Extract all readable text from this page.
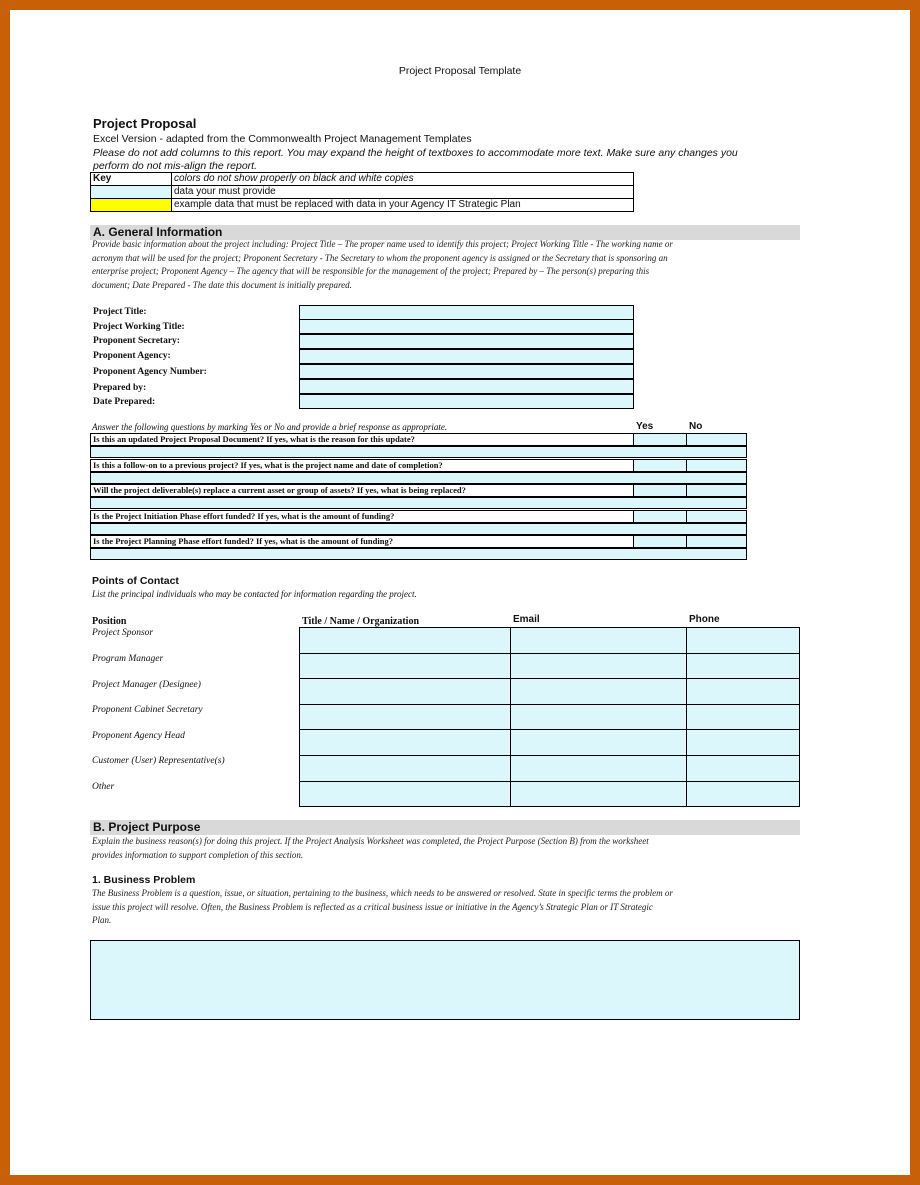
Project Proposal Template
Project Proposal
Excel Version - adapted from the Commonwealth Project Management Templates
Please do not add columns to this report. You may expand the height of textboxes to accommodate more text. Make sure any changes you
perform do not mis-align the report.
Key	colors do not show properly on black and white copies
data your must provide
example data that must be replaced with data in your Agency IT Strategic Plan
A. General Information
Provide basic information about the project including: Project Title – The proper name used to identify this project; Project Working Title - The working name or
acronym that will be used for the project; Proponent Secretary - The Secretary to whom the proponent agency is assigned or the Secretary that is sponsoring an
enterprise project; Proponent Agency – The agency that will be responsible for the management of the project; Prepared by – The person(s) preparing this
document; Date Prepared - The date this document is initially prepared.
Project Title:
Project Working Title:
Proponent Secretary:
Proponent Agency:
Proponent Agency Number:
Prepared by:
Date Prepared:
Answer the following questions by marking Yes or No and provide a brief response as appropriate.	Yes	No
Is this an updated Project Proposal Document? If yes, what is the reason for this update?
Is this a follow-on to a previous project? If yes, what is the project name and date of completion?
Will the project deliverable(s) replace a current asset or group of assets? If yes, what is being replaced?
Is the Project Initiation Phase effort funded? If yes, what is the amount of funding?
Is the Project Planning Phase effort funded? If yes, what is the amount of funding?
Points of Contact
List the principal individuals who may be contacted for information regarding the project.
Position	Title / Name / Organization	Email	Phone
Project Sponsor
Program Manager
Project Manager (Designee)
Proponent Cabinet Secretary
Proponent Agency Head
Customer (User) Representative(s)
Other
B. Project Purpose
Explain the business reason(s) for doing this project. If the Project Analysis Worksheet was completed, the Project Purpose (Section B) from the worksheet
provides information to support completion of this section.
1. Business Problem
The Business Problem is a question, issue, or situation, pertaining to the business, which needs to be answered or resolved. State in specific terms the problem or
issue this project will resolve. Often, the Business Problem is reflected as a critical business issue or initiative in the Agency’s Strategic Plan or IT Strategic
Plan.
